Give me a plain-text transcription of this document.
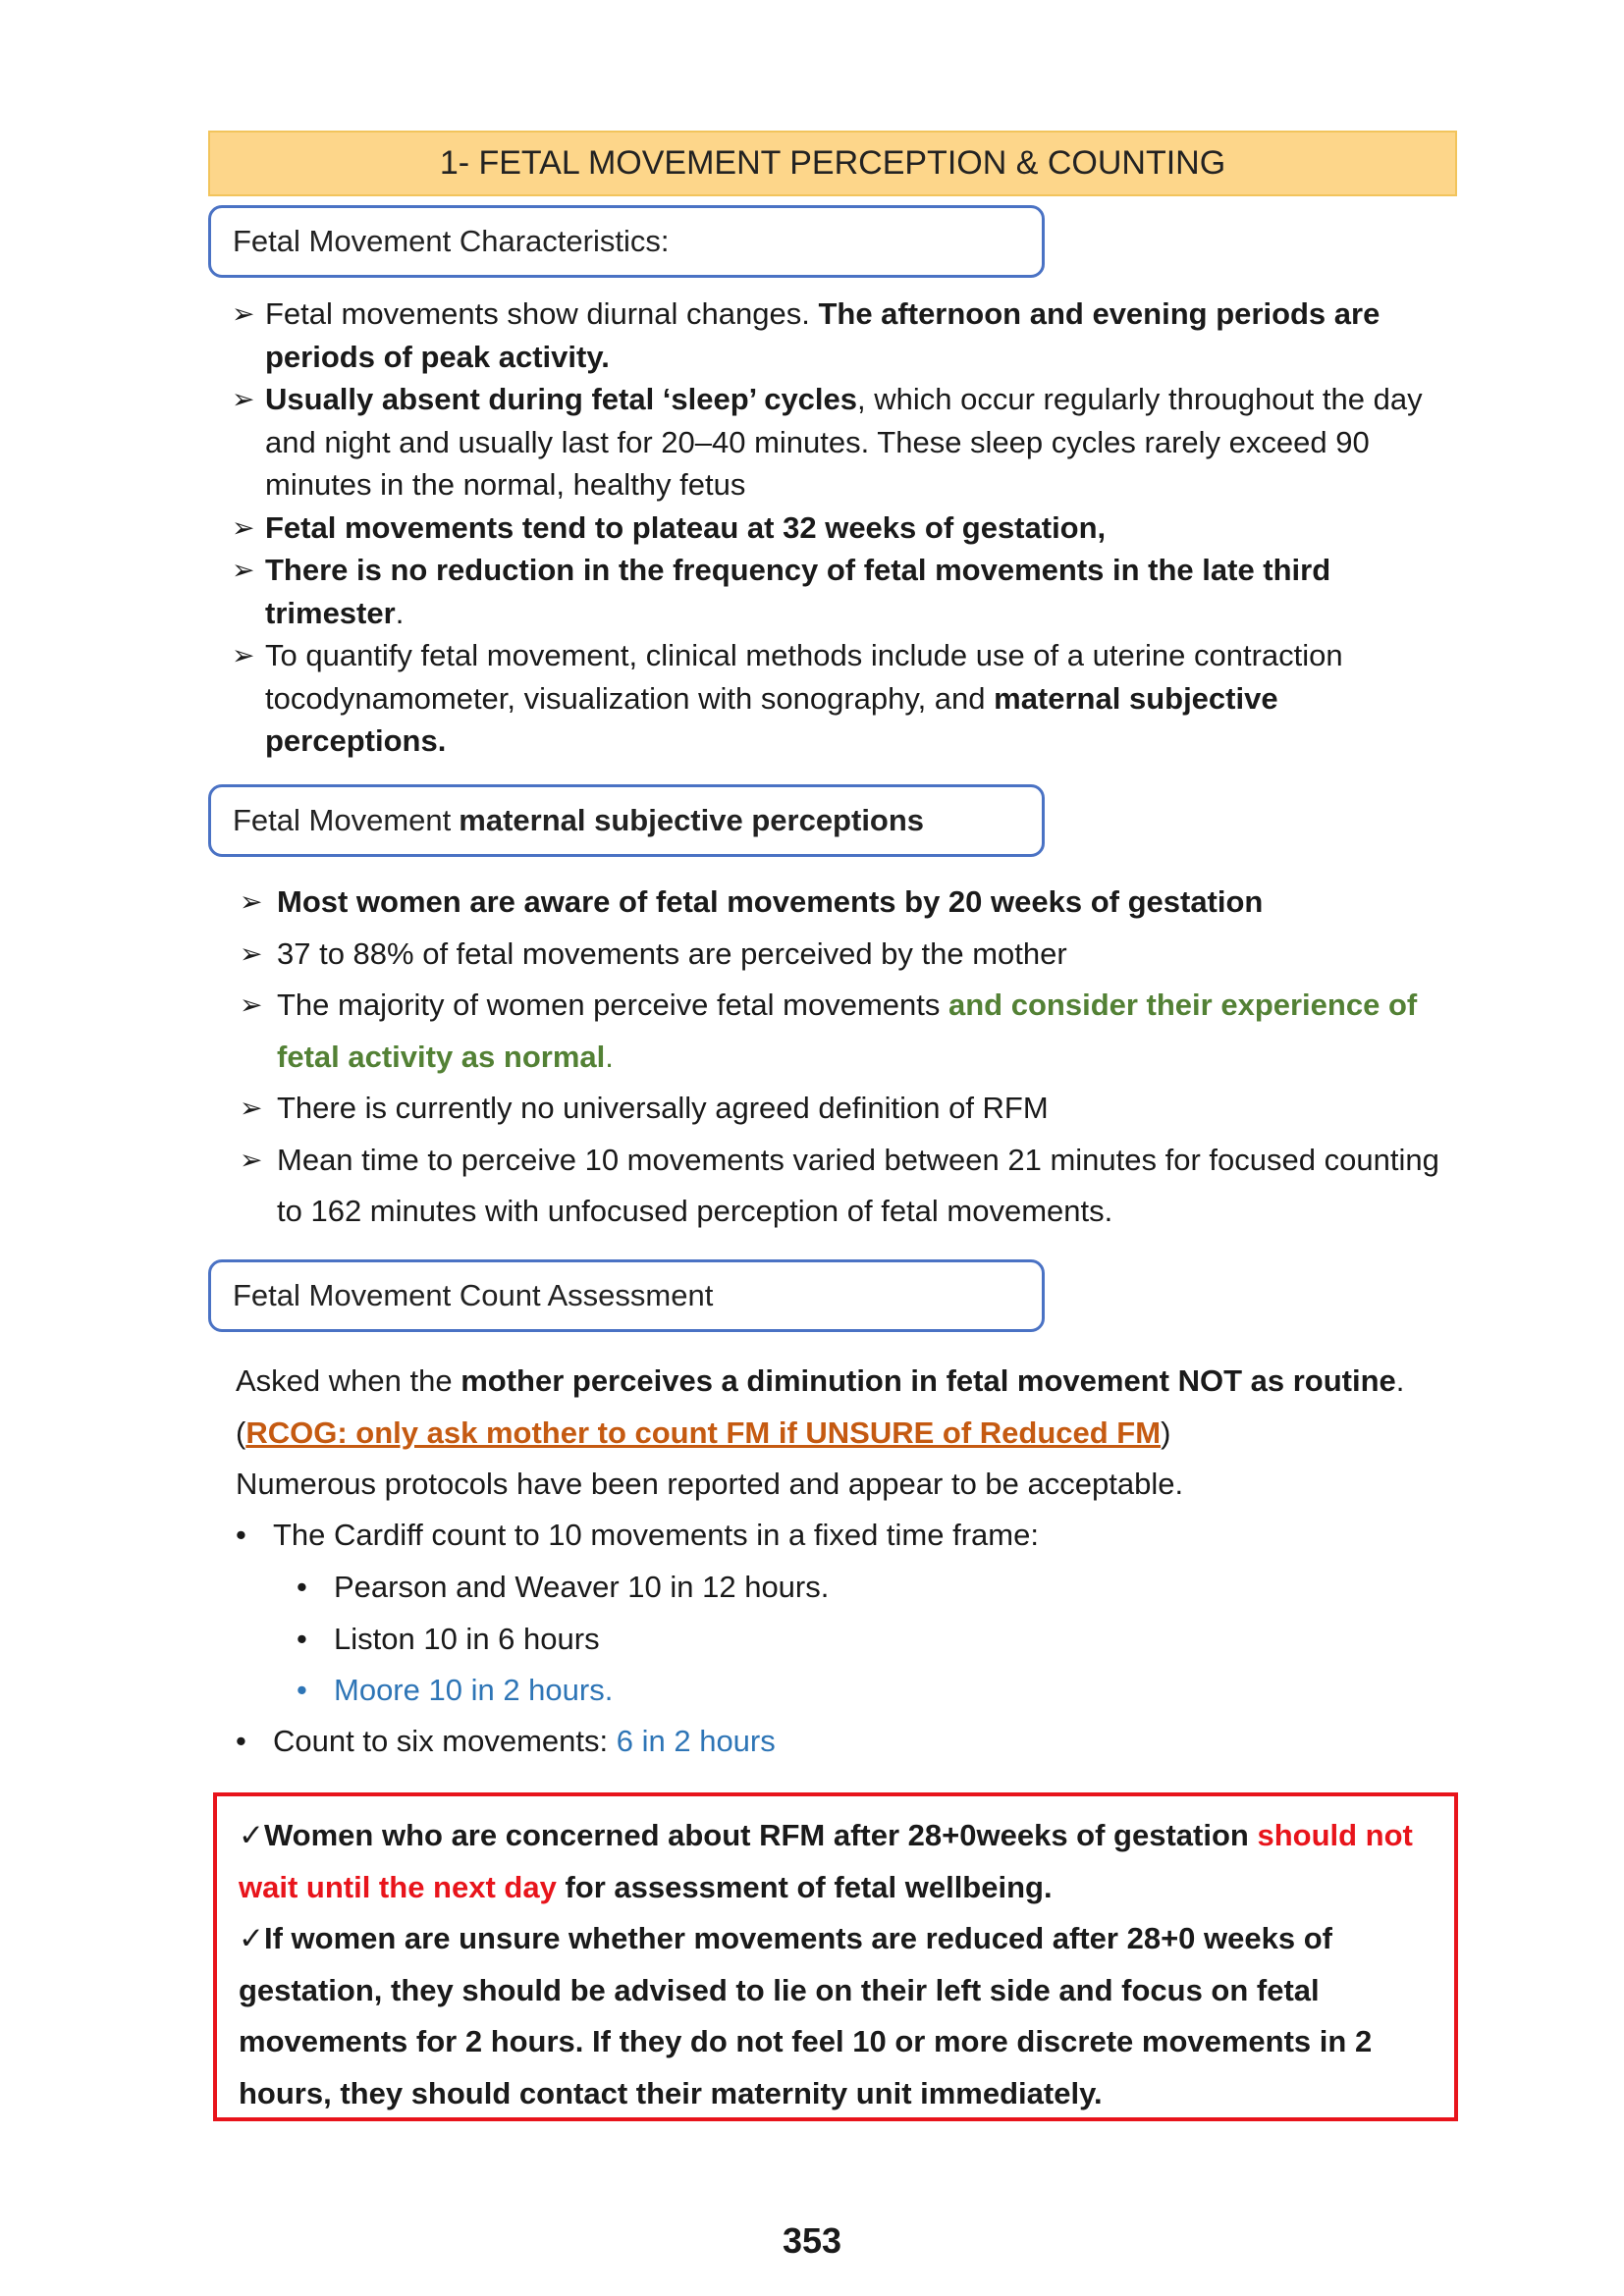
1- FETAL MOVEMENT PERCEPTION & COUNTING
Fetal Movement Characteristics:
➢ Fetal movements show diurnal changes. The afternoon and evening periods are periods of peak activity.
➢ Usually absent during fetal ‘sleep’ cycles, which occur regularly throughout the day and night and usually last for 20–40 minutes. These sleep cycles rarely exceed 90 minutes in the normal, healthy fetus
➢ Fetal movements tend to plateau at 32 weeks of gestation,
➢ There is no reduction in the frequency of fetal movements in the late third trimester.
➢ To quantify fetal movement, clinical methods include use of a uterine contraction tocodynamometer, visualization with sonography, and maternal subjective perceptions.
Fetal Movement maternal subjective perceptions
➢ Most women are aware of fetal movements by 20 weeks of gestation
➢ 37 to 88% of fetal movements are perceived by the mother
➢ The majority of women perceive fetal movements and consider their experience of fetal activity as normal.
➢ There is currently no universally agreed definition of RFM
➢ Mean time to perceive 10 movements varied between 21 minutes for focused counting to 162 minutes with unfocused perception of fetal movements.
Fetal Movement Count Assessment
Asked when the mother perceives a diminution in fetal movement NOT as routine.
(RCOG: only ask mother to count FM if UNSURE of Reduced FM)
Numerous protocols have been reported and appear to be acceptable.
• The Cardiff count to 10 movements in a fixed time frame:
• Pearson and Weaver 10 in 12 hours.
• Liston 10 in 6 hours
• Moore 10 in 2 hours.
• Count to six movements: 6 in 2 hours
✓Women who are concerned about RFM after 28+0weeks of gestation should not wait until the next day for assessment of fetal wellbeing.
✓If women are unsure whether movements are reduced after 28+0 weeks of gestation, they should be advised to lie on their left side and focus on fetal movements for 2 hours. If they do not feel 10 or more discrete movements in 2 hours, they should contact their maternity unit immediately.
353
